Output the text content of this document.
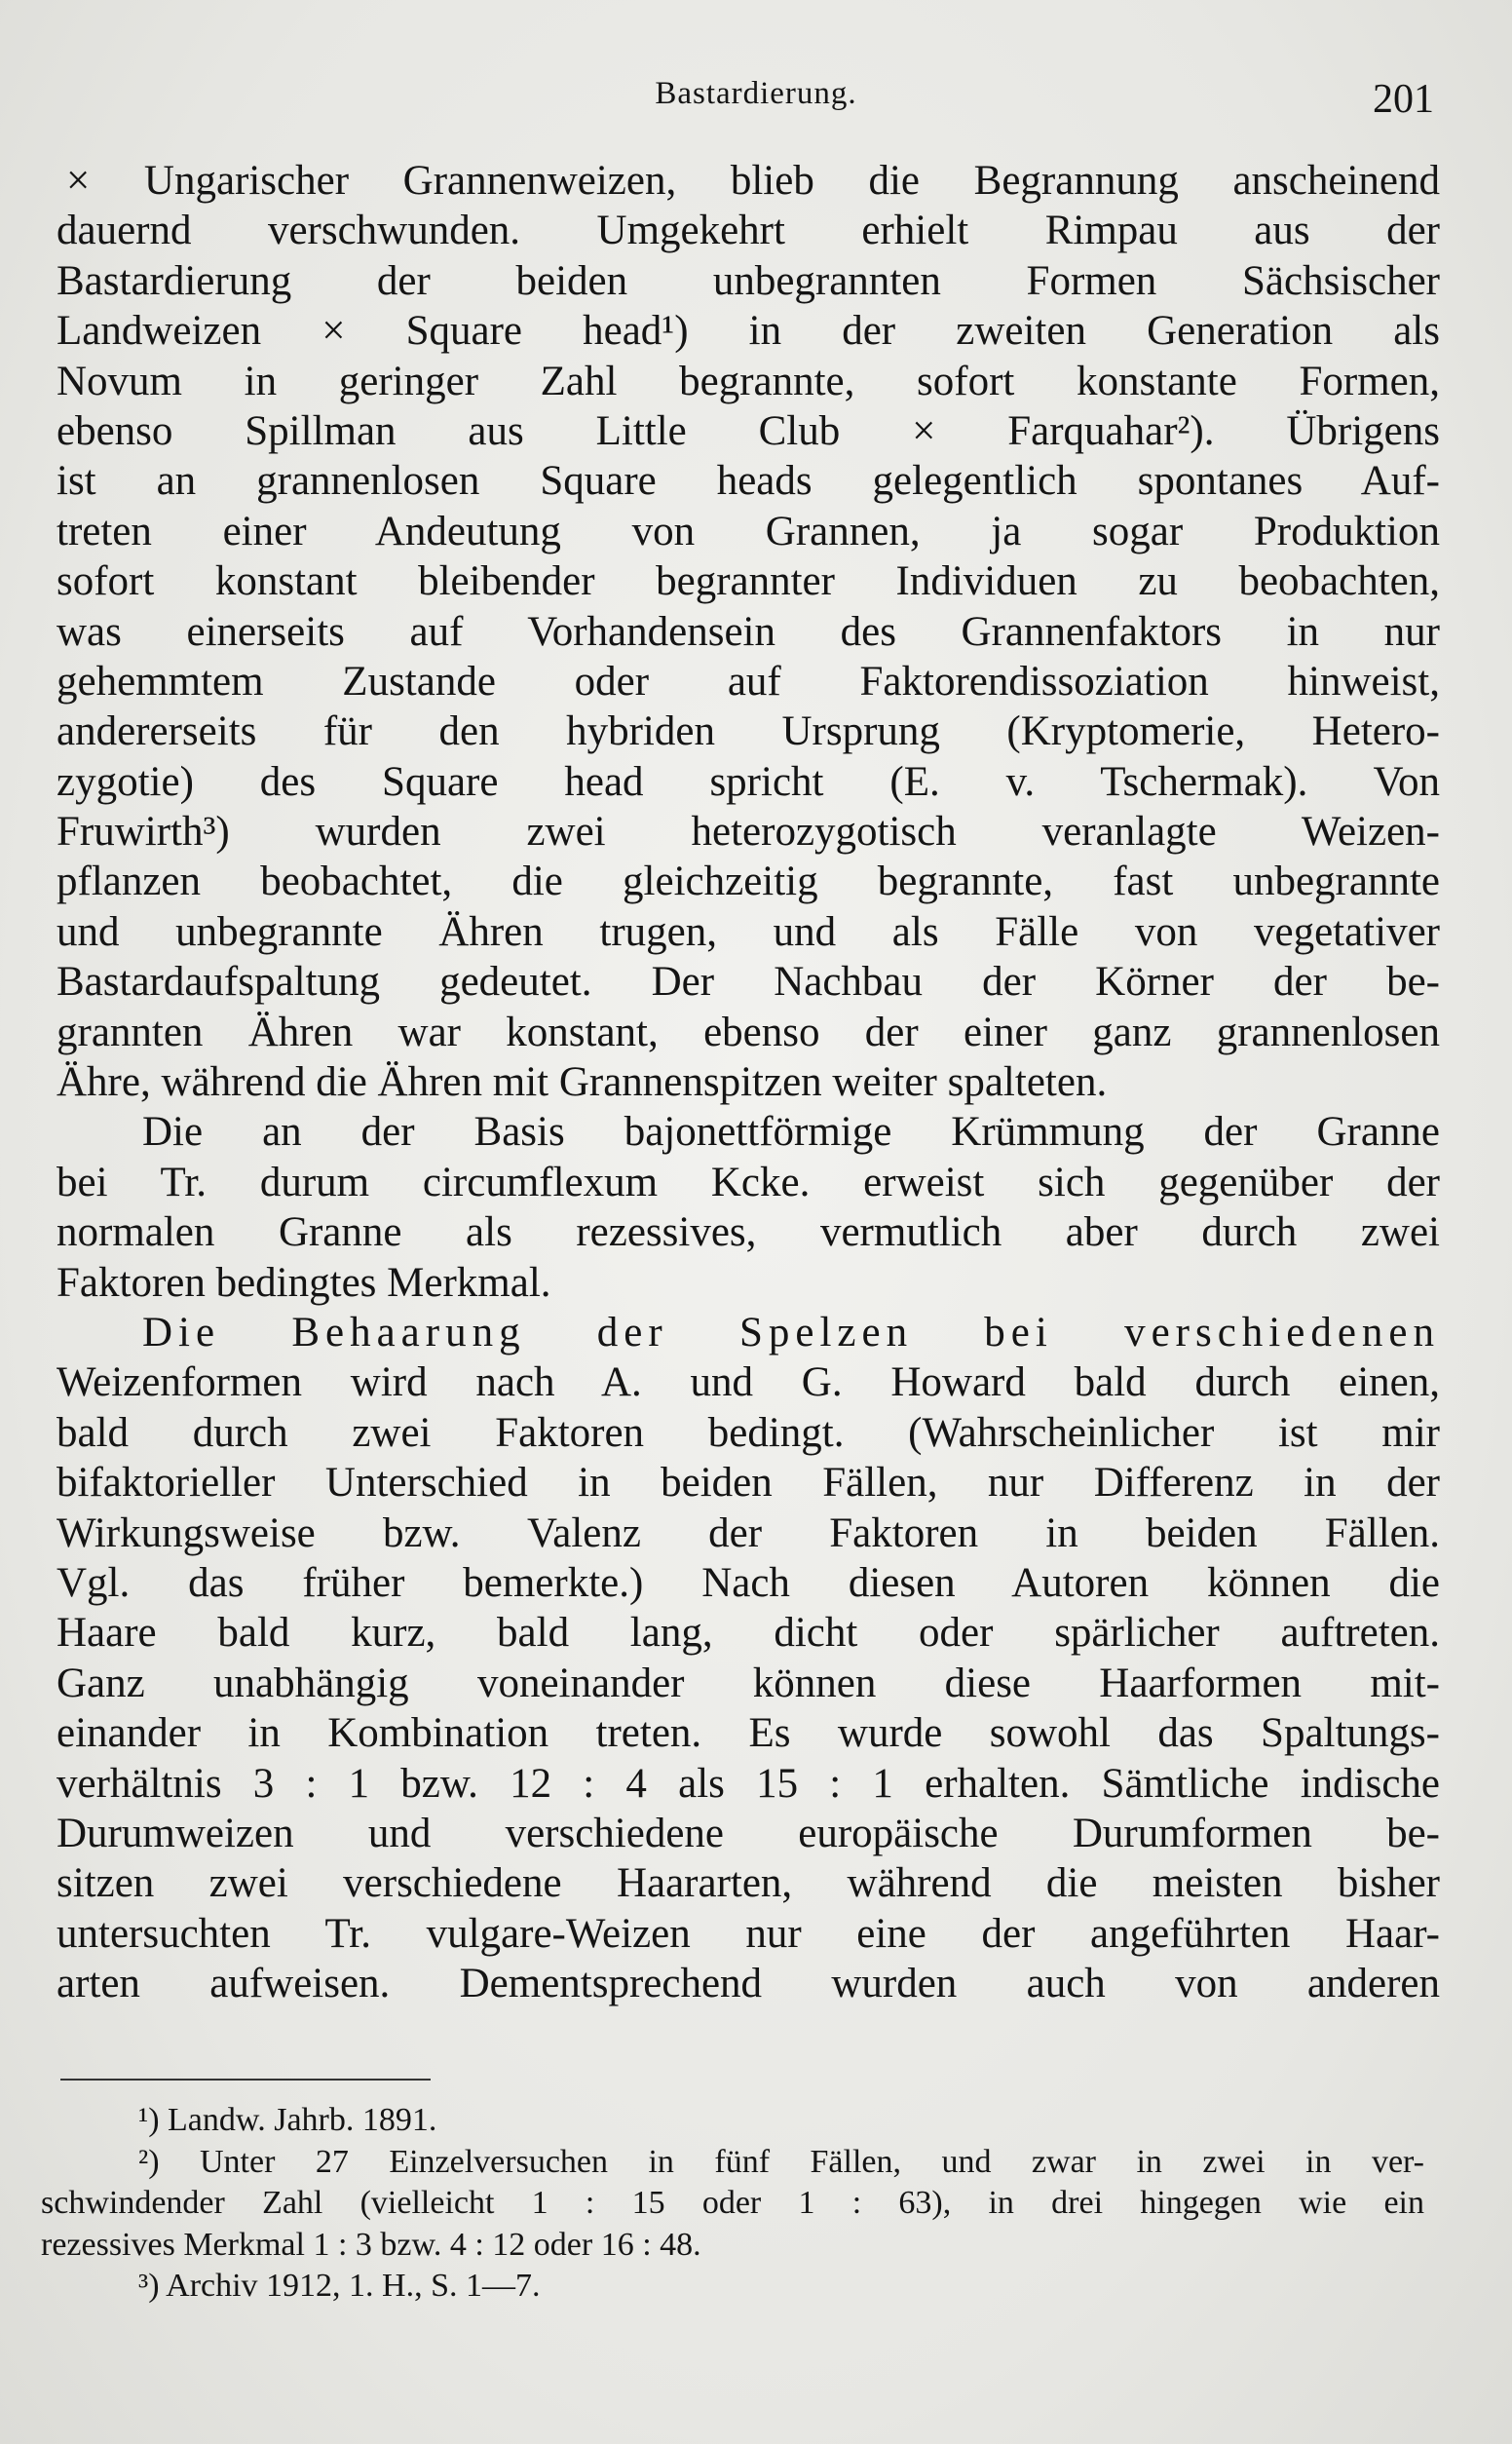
Bastardierung.	201
× Ungarischer Grannenweizen, blieb die Begrannung anscheinend
dauernd verschwunden. Umgekehrt erhielt Rimpau aus der
Bastardierung der beiden unbegrannten Formen Sächsischer
Landweizen × Square head¹) in der zweiten Generation als
Novum in geringer Zahl begrannte, sofort konstante Formen,
ebenso Spillman aus Little Club × Farquahar²). Übrigens
ist an grannenlosen Square heads gelegentlich spontanes Auf-
treten einer Andeutung von Grannen, ja sogar Produktion
sofort konstant bleibender begrannter Individuen zu beobachten,
was einerseits auf Vorhandensein des Grannenfaktors in nur
gehemmtem Zustande oder auf Faktorendissoziation hinweist,
andererseits für den hybriden Ursprung (Kryptomerie, Hetero-
zygotie) des Square head spricht (E. v. Tschermak). Von
Fruwirth³) wurden zwei heterozygotisch veranlagte Weizen-
pflanzen beobachtet, die gleichzeitig begrannte, fast unbegrannte
und unbegrannte Ähren trugen, und als Fälle von vegetativer
Bastardaufspaltung gedeutet. Der Nachbau der Körner der be-
grannten Ähren war konstant, ebenso der einer ganz grannenlosen
Ähre, während die Ähren mit Grannenspitzen weiter spalteten.
Die an der Basis bajonettförmige Krümmung der Granne
bei Tr. durum circumflexum Kcke. erweist sich gegenüber der
normalen Granne als rezessives, vermutlich aber durch zwei
Faktoren bedingtes Merkmal.
Die Behaarung der Spelzen bei verschiedenen
Weizenformen wird nach A. und G. Howard bald durch einen,
bald durch zwei Faktoren bedingt. (Wahrscheinlicher ist mir
bifaktorieller Unterschied in beiden Fällen, nur Differenz in der
Wirkungsweise bzw. Valenz der Faktoren in beiden Fällen.
Vgl. das früher bemerkte.) Nach diesen Autoren können die
Haare bald kurz, bald lang, dicht oder spärlicher auftreten.
Ganz unabhängig voneinander können diese Haarformen mit-
einander in Kombination treten. Es wurde sowohl das Spaltungs-
verhältnis 3 : 1 bzw. 12 : 4 als 15 : 1 erhalten. Sämtliche indische
Durumweizen und verschiedene europäische Durumformen be-
sitzen zwei verschiedene Haararten, während die meisten bisher
untersuchten Tr. vulgare-Weizen nur eine der angeführten Haar-
arten aufweisen. Dementsprechend wurden auch von anderen
¹) Landw. Jahrb. 1891.
²) Unter 27 Einzelversuchen in fünf Fällen, und zwar in zwei in ver-
schwindender Zahl (vielleicht 1 : 15 oder 1 : 63), in drei hingegen wie ein
rezessives Merkmal 1 : 3 bzw. 4 : 12 oder 16 : 48.
³) Archiv 1912, 1. H., S. 1—7.
